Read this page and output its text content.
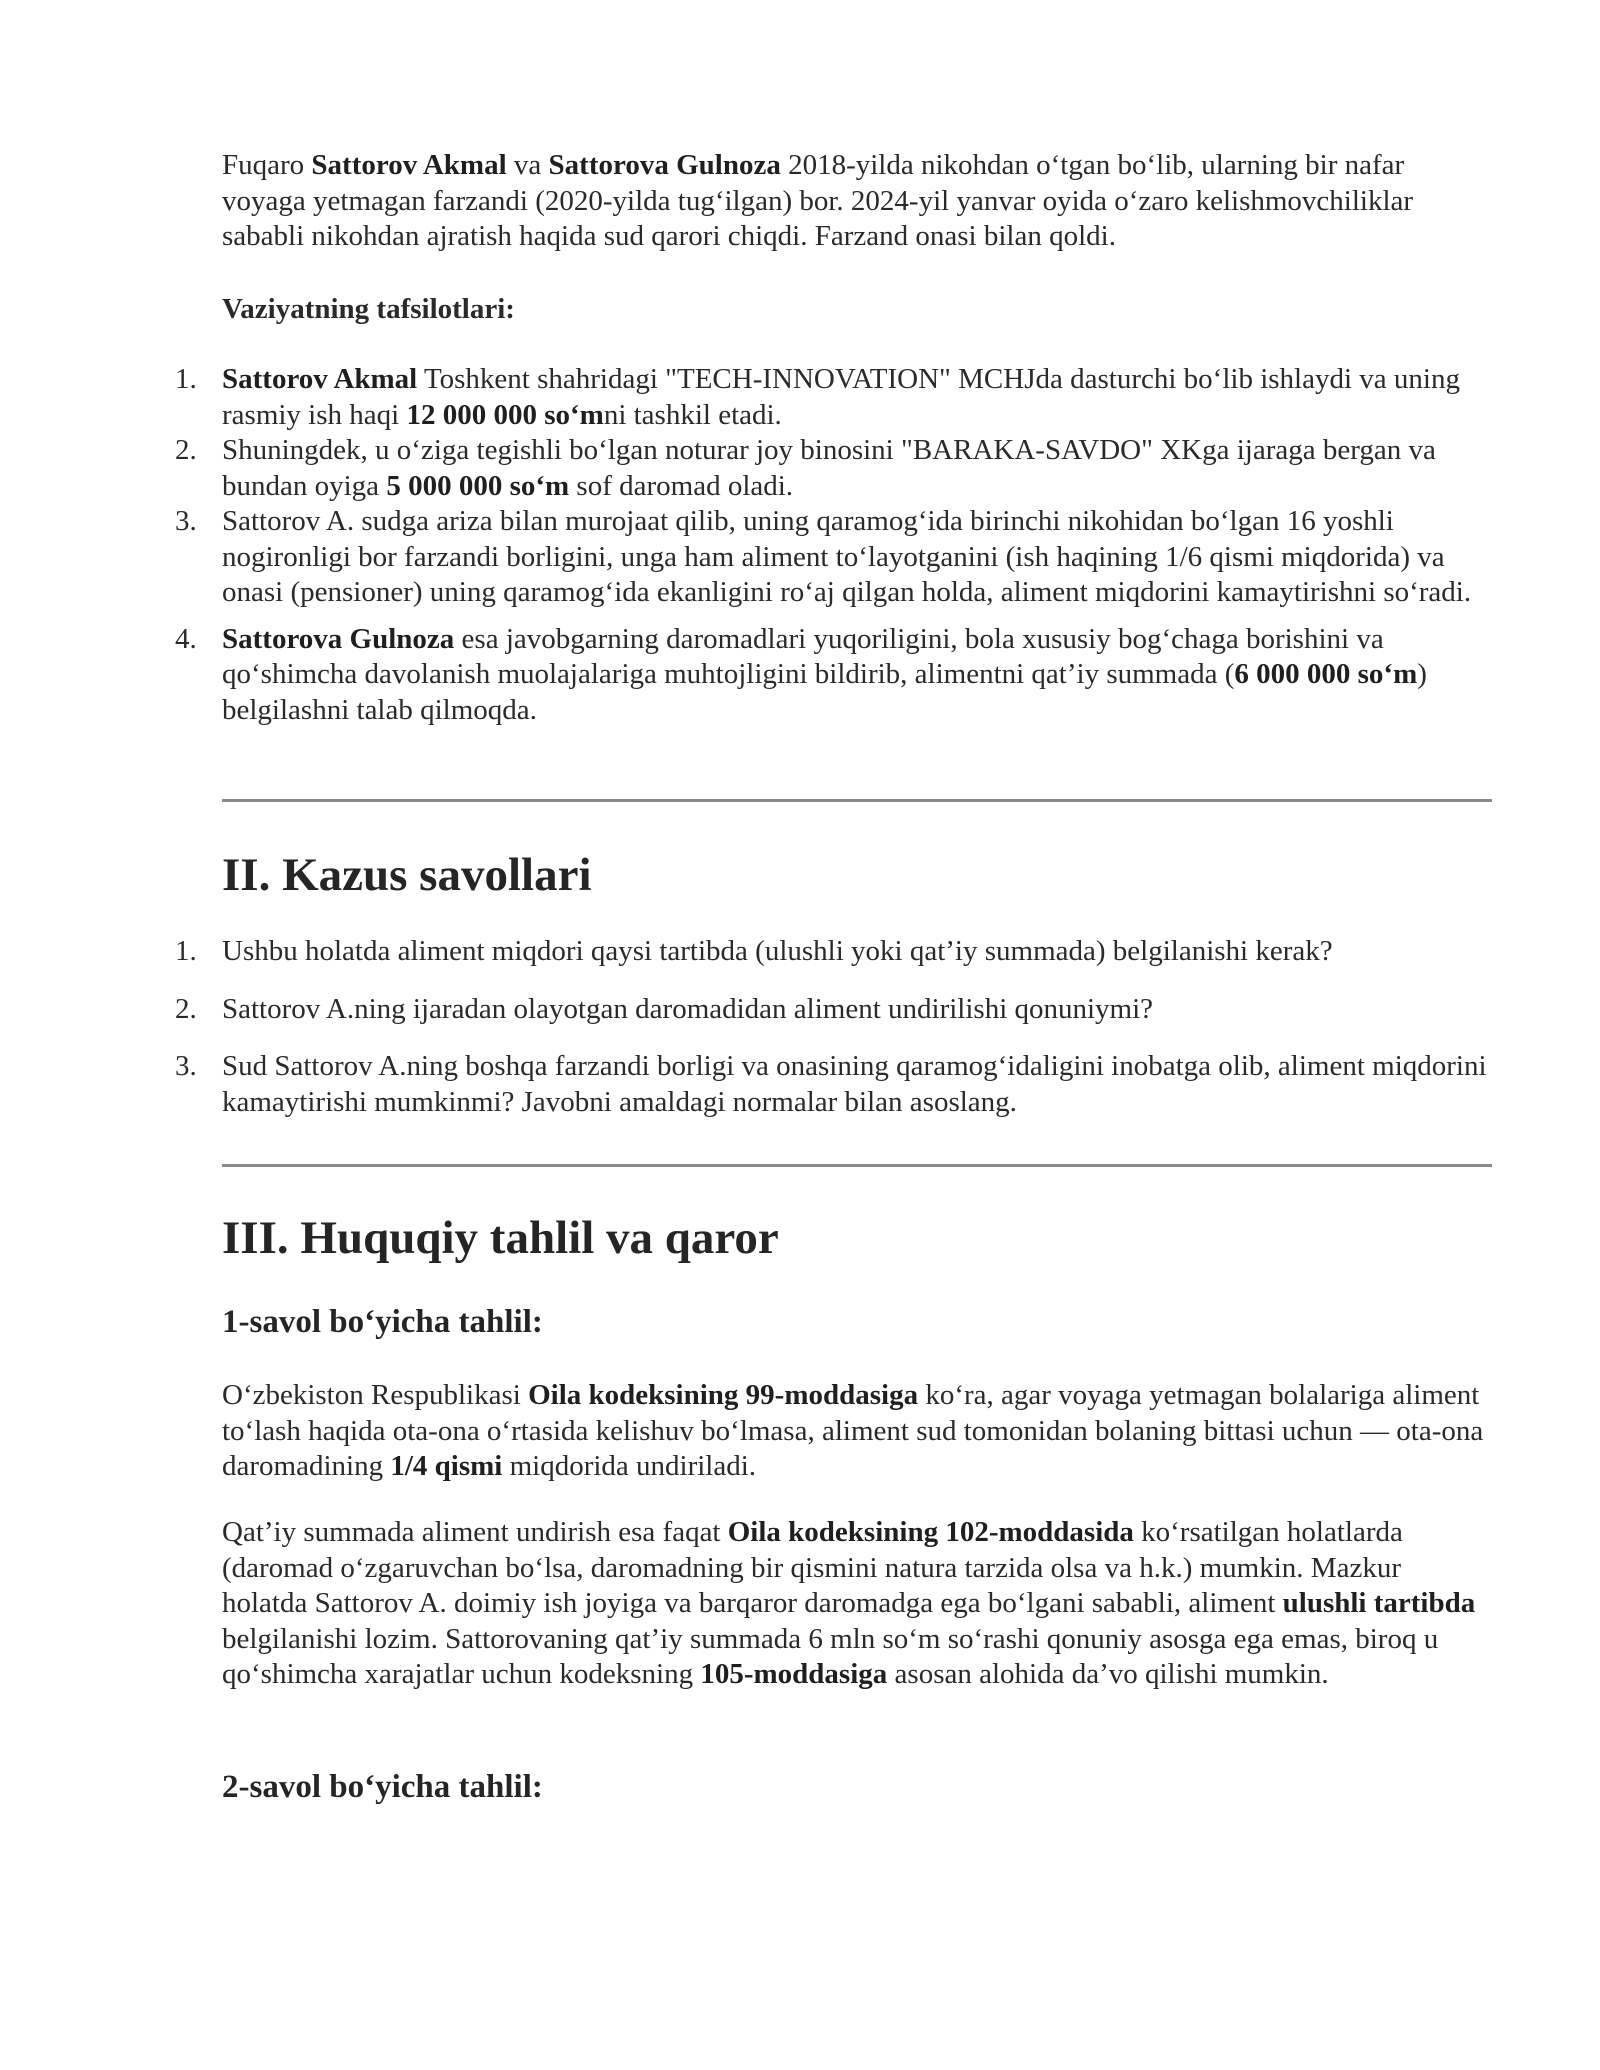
Fuqaro Sattorov Akmal va Sattorova Gulnoza 2018-yilda nikohdan oʻtgan boʻlib, ularning bir nafar voyaga yetmagan farzandi (2020-yilda tugʻilgan) bor. 2024-yil yanvar oyida oʻzaro kelishmovchiliklar sababli nikohdan ajratish haqida sud qarori chiqdi. Farzand onasi bilan qoldi.

Vaziyatning tafsilotlari:

1. Sattorov Akmal Toshkent shahridagi "TECH-INNOVATION" MCHJda dasturchi boʻlib ishlaydi va uning rasmiy ish haqi 12 000 000 soʻmni tashkil etadi.
2. Shuningdek, u oʻziga tegishli boʻlgan noturar joy binosini "BARAKA-SAVDO" XKga ijaraga bergan va bundan oyiga 5 000 000 soʻm sof daromad oladi.
3. Sattorov A. sudga ariza bilan murojaat qilib, uning qaramogʻida birinchi nikohidan boʻlgan 16 yoshli nogironligi bor farzandi borligini, unga ham aliment toʻlayotganini (ish haqining 1/6 qismi miqdorida) va onasi (pensioner) uning qaramogʻida ekanligini roʻaj qilgan holda, aliment miqdorini kamaytirishni soʻradi.
4. Sattorova Gulnoza esa javobgarning daromadlari yuqoriligini, bola xususiy bogʻchaga borishini va qoʻshimcha davolanish muolajalariga muhtojligini bildirib, alimentni qatʼiy summada (6 000 000 soʻm) belgilashni talab qilmoqda.
II. Kazus savollari
1. Ushbu holatda aliment miqdori qaysi tartibda (ulushli yoki qatʼiy summada) belgilanishi kerak?
2. Sattorov A.ning ijaradan olayotgan daromadidan aliment undirilishi qonuniymi?
3. Sud Sattorov A.ning boshqa farzandi borligi va onasining qaramogʻidaligini inobatga olib, aliment miqdorini kamaytirishi mumkinmi? Javobni amaldagi normalar bilan asoslang.
III. Huquqiy tahlil va qaror
1-savol boʻyicha tahlil:

Oʻzbekiston Respublikasi Oila kodeksining 99-moddasiga koʻra, agar voyaga yetmagan bolalariga aliment toʻlash haqida ota-ona oʻrtasida kelishuv boʻlmasa, aliment sud tomonidan bolaning bittasi uchun — ota-ona daromadining 1/4 qismi miqdorida undiriladi.

Qatʼiy summada aliment undirish esa faqat Oila kodeksining 102-moddasida koʻrsatilgan holatlarda (daromad oʻzgaruvchan boʻlsa, daromadning bir qismini natura tarzida olsa va h.k.) mumkin. Mazkur holatda Sattorov A. doimiy ish joyiga va barqaror daromadga ega boʻlgani sababli, aliment ulushli tartibda belgilanishi lozim. Sattorovaning qatʼiy summada 6 mln soʻm soʻrashi qonuniy asosga ega emas, biroq u qoʻshimcha xarajatlar uchun kodeksning 105-moddasiga asosan alohida daʼvo qilishi mumkin.

2-savol boʻyicha tahlil:
